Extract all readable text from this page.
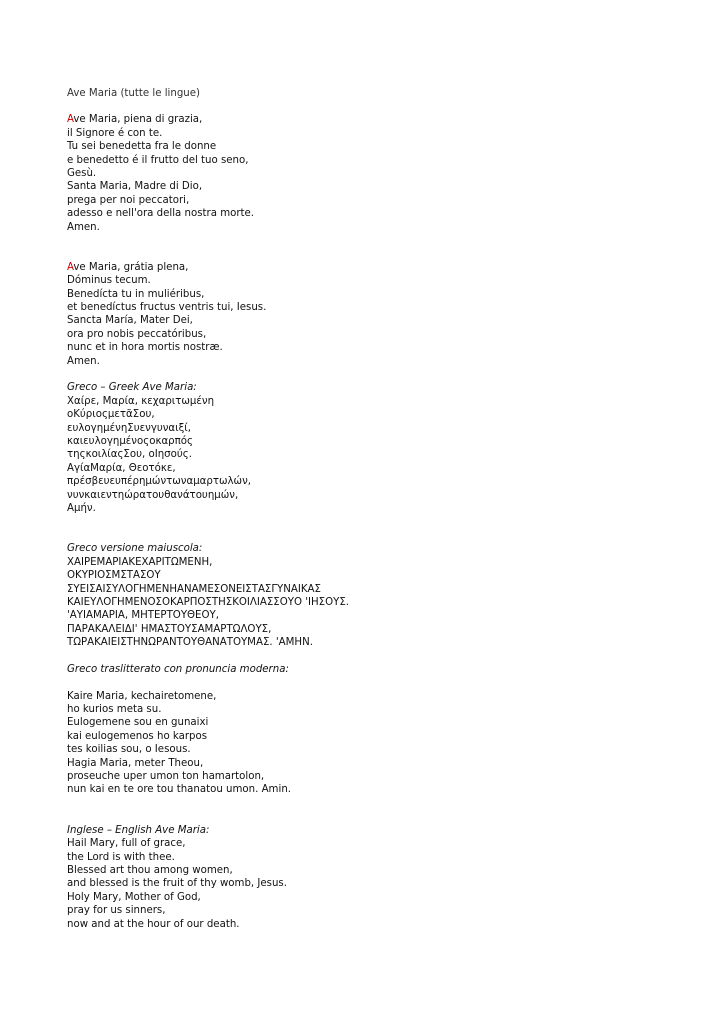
Ave Maria (tutte le lingue)
Ave Maria, piena di grazia,
il Signore é con te.
Tu sei benedetta fra le donne
e benedetto é il frutto del tuo seno,
Gesù.
Santa Maria, Madre di Dio,
prega per noi peccatori,
adesso e nell'ora della nostra morte.
Amen.
Ave Maria, grátia plena,
Dóminus tecum.
Benedícta tu in muliéribus,
et benedíctus fructus ventris tui, Iesus.
Sancta María, Mater Dei,
ora pro nobis peccatóribus,
nunc et in hora mortis nostræ.
Amen.
Greco – Greek Ave Maria:
Χαίρε, Μαρία, κεχαριτωμένη
οΚύριοςμετᾶΣου,
ευλογημένηΣυενγυναιξί,
καιευλογημένοςοκαρπός
τηςκοιλίαςΣου, οΙησούς.
ΑγίαΜαρία, Θεοτόκε,
πρέσβευευπέρημώντωναμαρτωλών,
νυνκαιεντηώρατουθανάτουημών,
Αμήν.
Greco versione maiuscola:
ΧΑΙΡΕΜΑΡΙΑΚΕΧΑΡΙΤΩΜΕΝΗ,
ΟΚΥΡΙΟΣΜΣΤΑΣΟΥ
ΣΥΕΙΣΑΙΣΥΛΟΓΗΜΕΝΗΑΝΑΜΕΣΟΝΕΙΣΤΑΣΓΥΝΑΙΚΑΣ
ΚΑΙΕΥΛΟΓΗΜΕΝΟΣΟΚΑΡΠΟΣΤΗΣΚΟΙΛΙΑΣΣΟΥΟ 'ΙΗΣΟΥΣ.
'ΑΥΙΑΜΑΡΙΑ, ΜΗΤΕΡΤΟΥΘΕΟΥ,
ΠΑΡΑΚΑΛΕΙΔΙ' ΗΜΑΣΤΟΥΣΑΜΑΡΤΩΛΟΥΣ,
ΤΩΡΑΚΑΙΕΙΣΤΗΝΩΡΑΝΤΟΥΘΑΝΑΤΟΥΜΑΣ. 'ΑΜΗΝ.
Greco traslitterato con pronuncia moderna:
Kaire Maria, kechairetomene,
ho kurios meta su.
Eulogemene sou en gunaixi
kai eulogemenos ho karpos
tes koilias sou, o Iesous.
Hagia Maria, meter Theou,
proseuche uper umon ton hamartolon,
nun kai en te ore tou thanatou umon. Amin.
Inglese – English Ave Maria:
Hail Mary, full of grace,
the Lord is with thee.
Blessed art thou among women,
and blessed is the fruit of thy womb, Jesus.
Holy Mary, Mother of God,
pray for us sinners,
now and at the hour of our death.
